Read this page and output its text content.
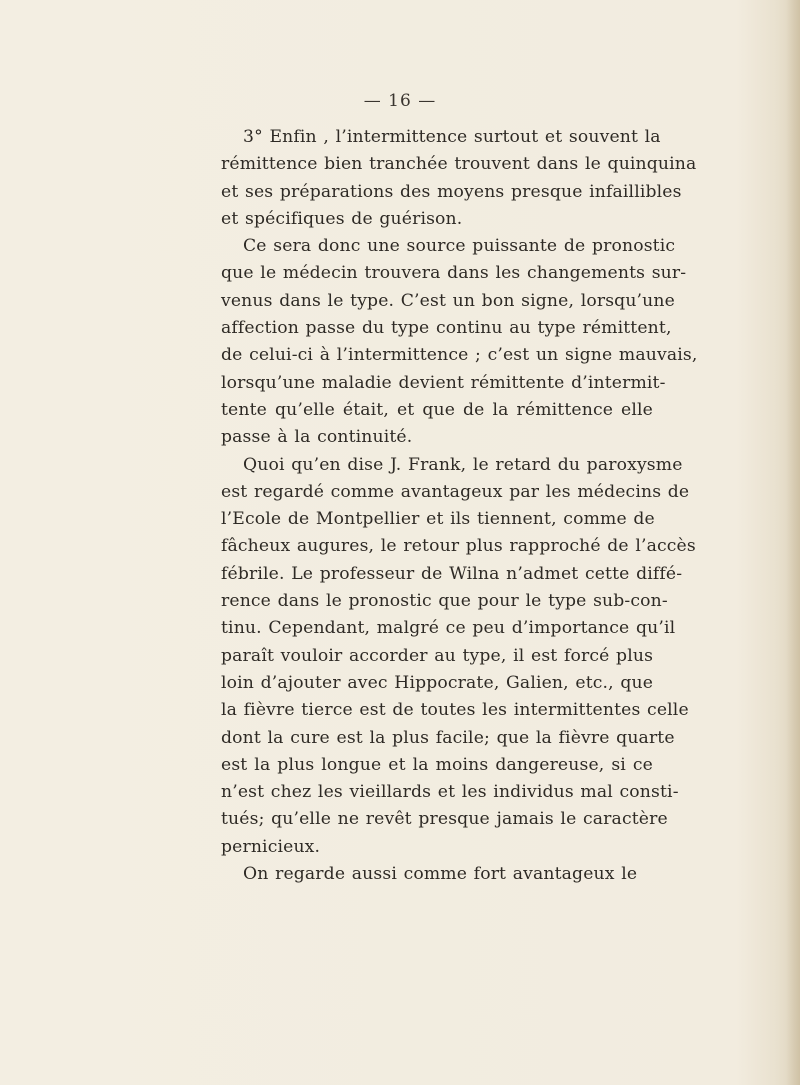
— 16 —
3° Enfin , l’intermittence surtout et souvent la
rémittence bien tranchée trouvent dans le quinquina
et ses préparations des moyens presque infaillibles
et spécifiques de guérison.
Ce sera donc une source puissante de pronostic
que le médecin trouvera dans les changements sur-
venus dans le type. C’est un bon signe, lorsqu’une
affection passe du type continu au type rémittent,
de celui-ci à l’intermittence ; c’est un signe mauvais,
lorsqu’une maladie devient rémittente d’intermit-
tente qu’elle était, et que de la rémittence elle
passe à la continuité.
Quoi qu’en dise J. Frank, le retard du paroxysme
est regardé comme avantageux par les médecins de
l’Ecole de Montpellier et ils tiennent, comme de
fâcheux augures, le retour plus rapproché de l’accès
fébrile. Le professeur de Wilna n’admet cette diffé-
rence dans le pronostic que pour le type sub-con-
tinu. Cependant, malgré ce peu d’importance qu’il
paraît vouloir accorder au type, il est forcé plus
loin d’ajouter avec Hippocrate, Galien, etc., que
la fièvre tierce est de toutes les intermittentes celle
dont la cure est la plus facile; que la fièvre quarte
est la plus longue et la moins dangereuse, si ce
n’est chez les vieillards et les individus mal consti-
tués; qu’elle ne revêt presque jamais le caractère
pernicieux.
On regarde aussi comme fort avantageux le
